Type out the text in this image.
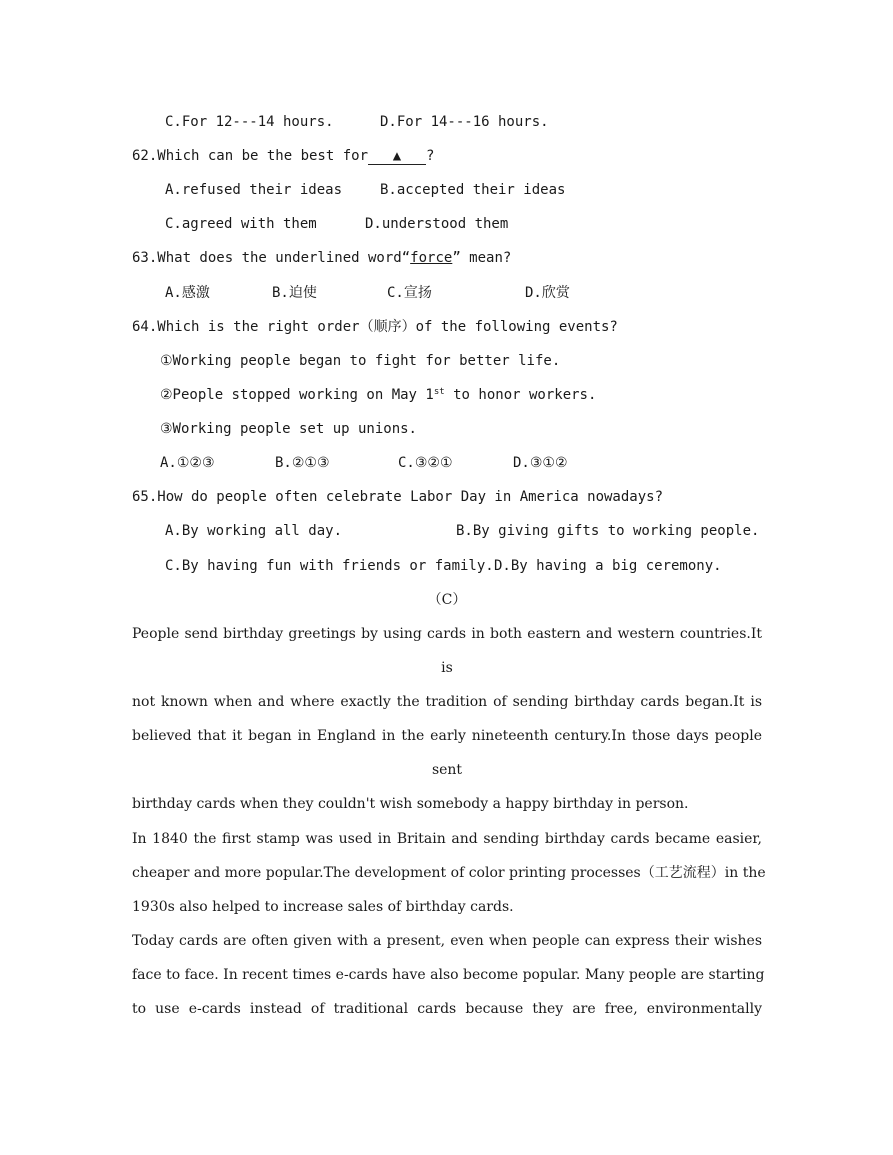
C.For 12---14 hours.	D.For 14---16 hours.
62.Which can be the best for ▲ ?
A.refused their ideas	B.accepted their ideas
C.agreed with them	D.understood them
63.What does the underlined word“force” mean?
A.感激	B.迫使	C.宣扬	D.欣赏
64.Which is the right order（顺序）of the following events?
①Working people began to fight for better life.
②People stopped working on May 1st to honor workers.
③Working people set up unions.
A.①②③	B.②①③	C.③②①	D.③①②
65.How do people often celebrate Labor Day in America nowadays?
A.By working all day.	B.By giving gifts to working people.
C.By having fun with friends or family. D.By having a big ceremony.
（C）
People send birthday greetings by using cards in both eastern and western countries.It
is
not known when and where exactly the tradition of sending birthday cards began.It is
believed that it began in England in the early nineteenth century.In those days people
sent
birthday cards when they couldn't wish somebody a happy birthday in person.
In 1840 the first stamp was used in Britain and sending birthday cards became easier,
cheaper and more popular.The development of color printing processes（工艺流程）in the
1930s also helped to increase sales of birthday cards.
Today cards are often given with a present, even when people can express their wishes
face to face. In recent times e-cards have also become popular. Many people are starting
to use e-cards instead of traditional cards because they are free, environmentally
